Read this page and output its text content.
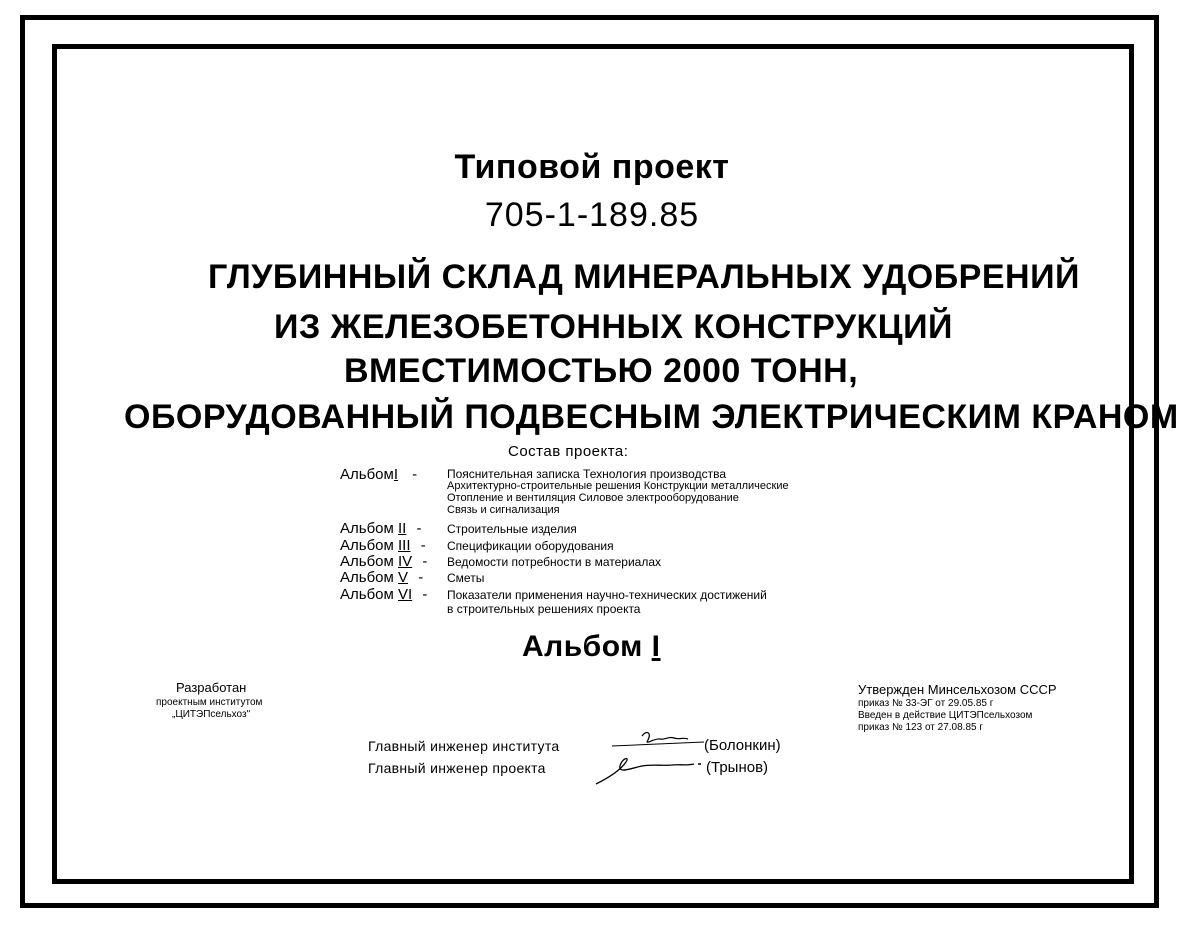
Типовой проект
705-1-189.85
ГЛУБИННЫЙ СКЛАД МИНЕРАЛЬНЫХ УДОБРЕНИЙ
ИЗ ЖЕЛЕЗОБЕТОННЫХ КОНСТРУКЦИЙ
ВМЕСТИМОСТЬЮ 2000 ТОНН,
ОБОРУДОВАННЫЙ ПОДВЕСНЫМ ЭЛЕКТРИЧЕСКИМ КРАНОМ
Состав проекта:
АльбомI - Пояснительная записка Технология производства
Архитектурно-строительные решения Конструкции металлические
Отопление и вентиляция Силовое электрооборудование
Связь и сигнализация
Альбом II - Строительные изделия
Альбом III - Спецификации оборудования
Альбом IV - Ведомости потребности в материалах
Альбом V - Сметы
Альбом VI - Показатели применения научно-технических достижений
в строительных решениях проекта
Альбом I
Разработан
проектным институтом
„ЦИТЭПсельхоз"
Утвержден Минсельхозом СССР
приказ № 33-ЭГ от 29.05.85 г
Введен в действие ЦИТЭПсельхозом
приказ № 123 от 27.08.85 г
Главный инженер института	(Болонкин)
Главный инженер проекта	(Трынов)
